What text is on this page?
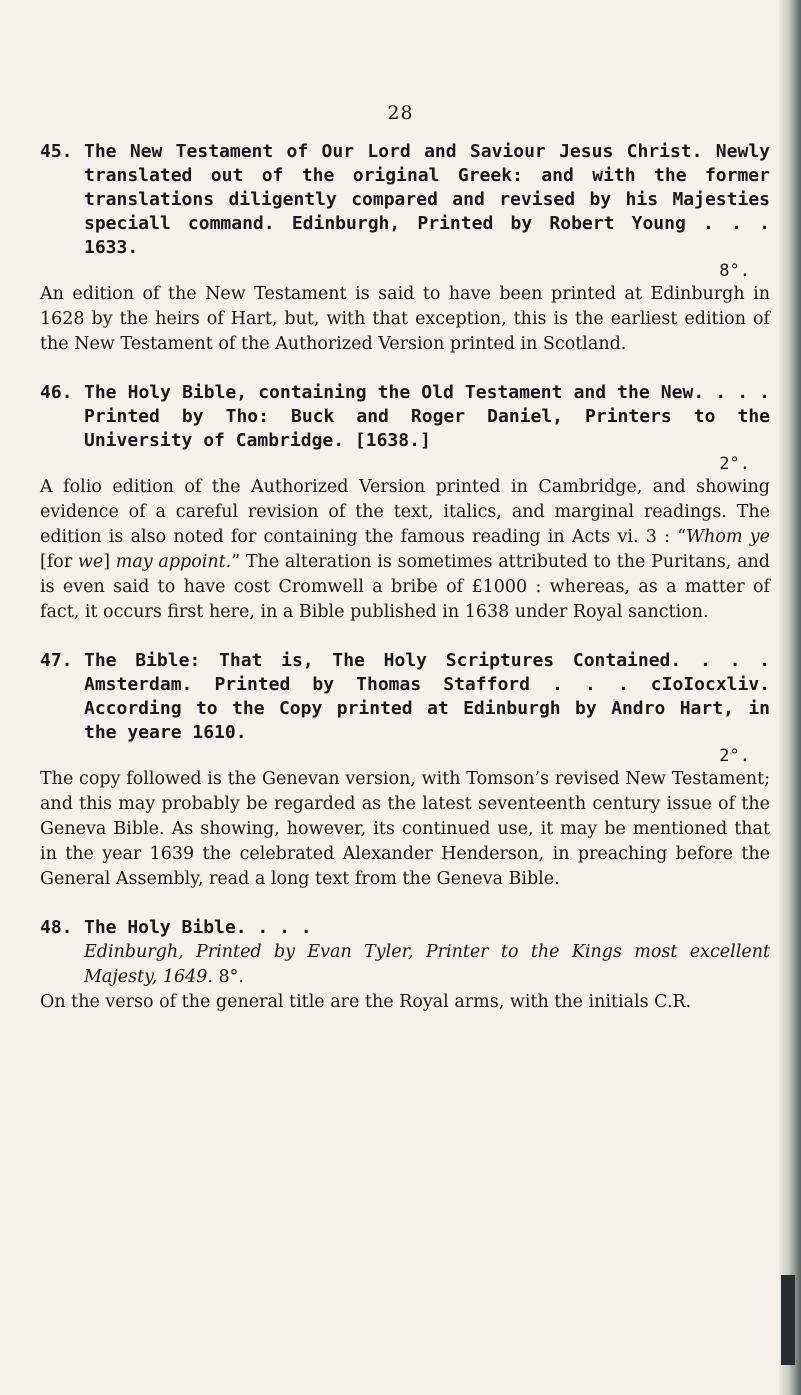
28
45. The New Testament of Our Lord and Saviour Jesus Christ. Newly translated out of the original Greek: and with the former translations diligently compared and revised by his Majesties speciall command. Edinburgh, Printed by Robert Young . . . 1633.
8°.

An edition of the New Testament is said to have been printed at Edinburgh in 1628 by the heirs of Hart, but, with that exception, this is the earliest edition of the New Testament of the Authorized Version printed in Scotland.

46. The Holy Bible, containing the Old Testament and the New. . . . Printed by Tho: Buck and Roger Daniel, Printers to the University of Cambridge. [1638.]
2°.

A folio edition of the Authorized Version printed in Cambridge, and showing evidence of a careful revision of the text, italics, and marginal readings. The edition is also noted for containing the famous reading in Acts vi. 3 : “Whom ye [for we] may appoint.” The alteration is sometimes attributed to the Puritans, and is even said to have cost Cromwell a bribe of £1000 : whereas, as a matter of fact, it occurs first here, in a Bible published in 1638 under Royal sanction.

47. The Bible: That is, The Holy Scriptures Contained. . . . Amsterdam. Printed by Thomas Stafford . . . cIoIocxliv. According to the Copy printed at Edinburgh by Andro Hart, in the yeare 1610.
2°.

The copy followed is the Genevan version, with Tomson’s revised New Testament; and this may probably be regarded as the latest seventeenth century issue of the Geneva Bible. As showing, however, its continued use, it may be mentioned that in the year 1639 the celebrated Alexander Henderson, in preaching before the General Assembly, read a long text from the Geneva Bible.

48. The Holy Bible. . . .
Edinburgh, Printed by Evan Tyler, Printer to the Kings most excellent Majesty, 1649. 8°.

On the verso of the general title are the Royal arms, with the initials C.R.
